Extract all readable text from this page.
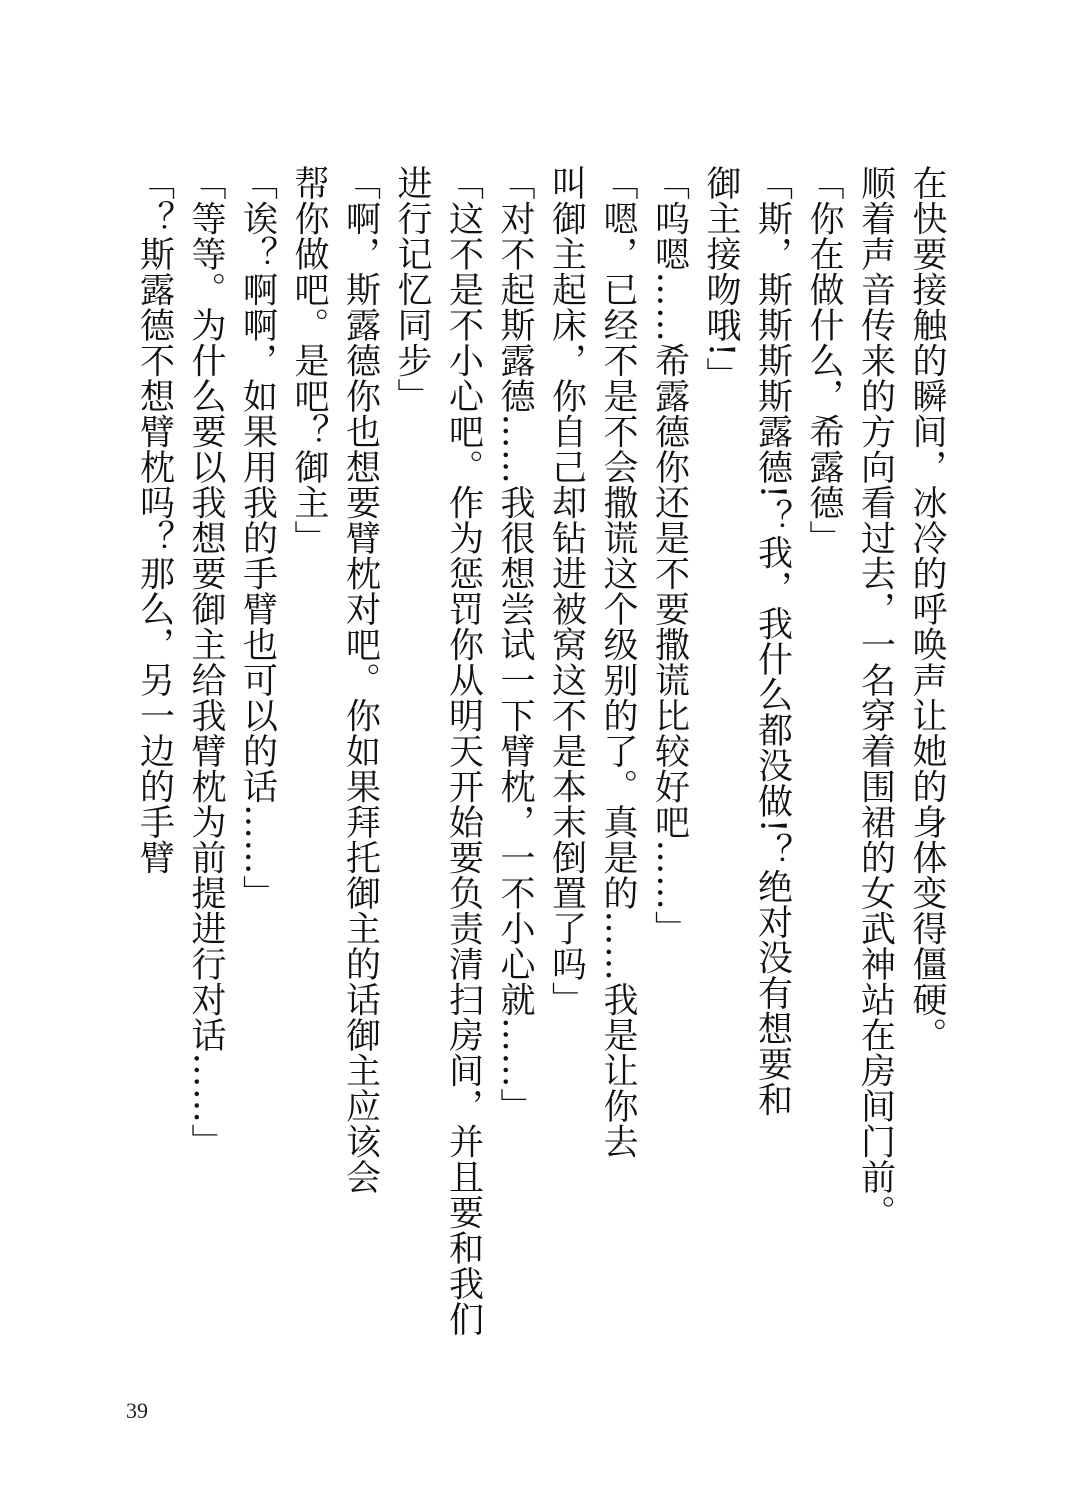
在快要接触的瞬间，冰冷的呼唤声让她的身体变得僵硬。
顺着声音传来的方向看过去，一名穿着围裙的女武神站在房间门前。
「你在做什么，希露德」
「斯，斯斯斯斯露德!？我，我什么都没做!？绝对没有想要和
御主接吻哦!」
「呜嗯……希露德你还是不要撒谎比较好吧……」
「嗯，已经不是不会撒谎这个级别的了。真是的……我是让你去
叫御主起床，你自己却钻进被窝这不是本末倒置了吗」
「对不起斯露德……我很想尝试一下臂枕，一不小心就……」
「这不是不小心吧。作为惩罚你从明天开始要负责清扫房间，并且要和我们
进行记忆同步」
「啊，斯露德你也想要臂枕对吧。你如果拜托御主的话御主应该会
帮你做吧。是吧？御主」
「诶？啊啊，如果用我的手臂也可以的话……」
「等等。为什么要以我想要御主给我臂枕为前提进行对话……」
「？斯露德不想臂枕吗？那么，另一边的手臂
39
